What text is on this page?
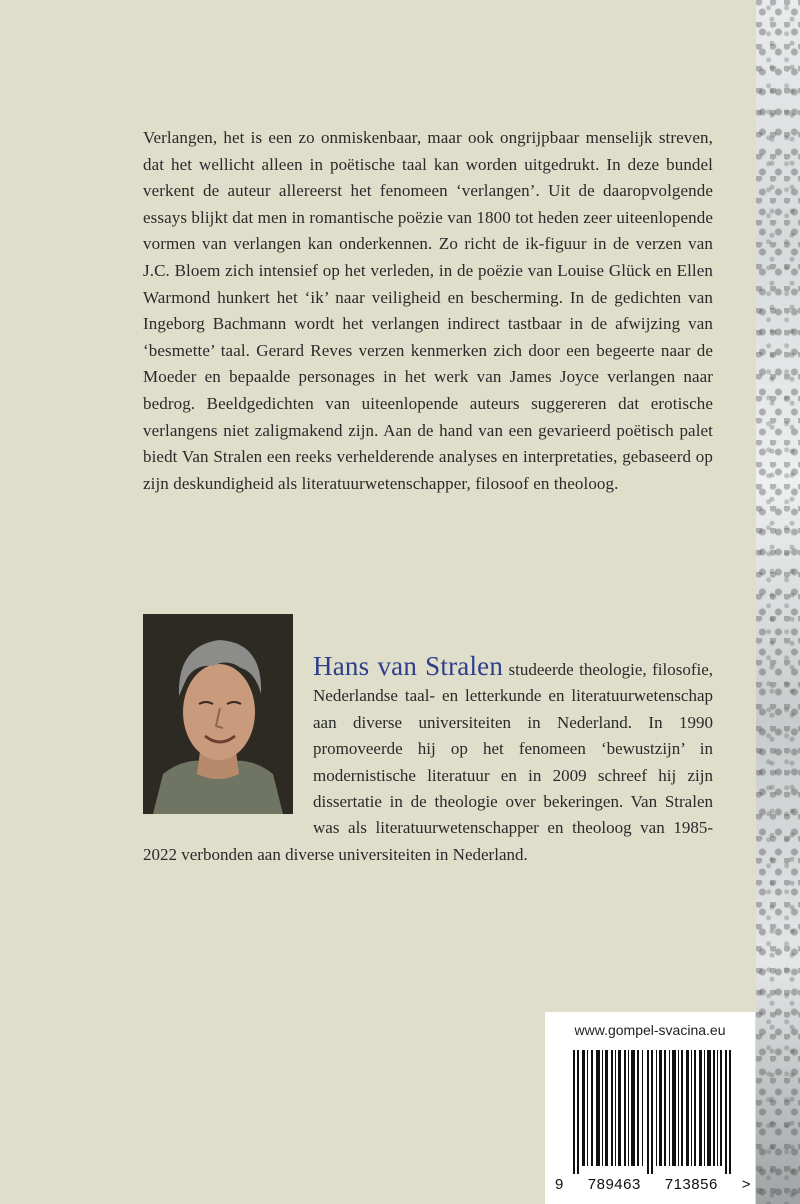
Verlangen, het is een zo onmiskenbaar, maar ook ongrijpbaar menselijk streven, dat het wellicht alleen in poëtische taal kan worden uitgedrukt. In deze bundel verkent de auteur allereerst het fenomeen ‘verlangen’. Uit de daaropvolgende essays blijkt dat men in romantische poëzie van 1800 tot heden zeer uiteenlopende vormen van verlangen kan onderkennen. Zo richt de ik-figuur in de verzen van J.C. Bloem zich intensief op het verleden, in de poëzie van Louise Glück en Ellen Warmond hunkert het ‘ik’ naar veiligheid en bescherming. In de gedichten van Ingeborg Bachmann wordt het verlangen indirect tastbaar in de afwijzing van ‘besmette’ taal. Gerard Reves verzen kenmerken zich door een begeerte naar de Moeder en bepaalde personages in het werk van James Joyce verlangen naar bedrog. Beeldgedichten van uiteenlopende auteurs suggereren dat erotische verlangens niet zaligmakend zijn. Aan de hand van een gevarieerd poëtisch palet biedt Van Stralen een reeks verhelderende analyses en interpretaties, gebaseerd op zijn deskundigheid als literatuurwetenschapper, filosoof en theoloog.

Hans van Stralen studeerde theologie, filosofie, Nederlandse taal- en letterkunde en literatuurwetenschap aan diverse universiteiten in Nederland. In 1990 promoveerde hij op het fenomeen ‘bewustzijn’ in modernistische literatuur en in 2009 schreef hij zijn dissertatie in de theologie over bekeringen. Van Stralen was als literatuurwetenschapper en theoloog van 1985-2022 verbonden aan diverse universiteiten in Nederland.

www.gompel-svacina.eu
9 789463 713856 >
